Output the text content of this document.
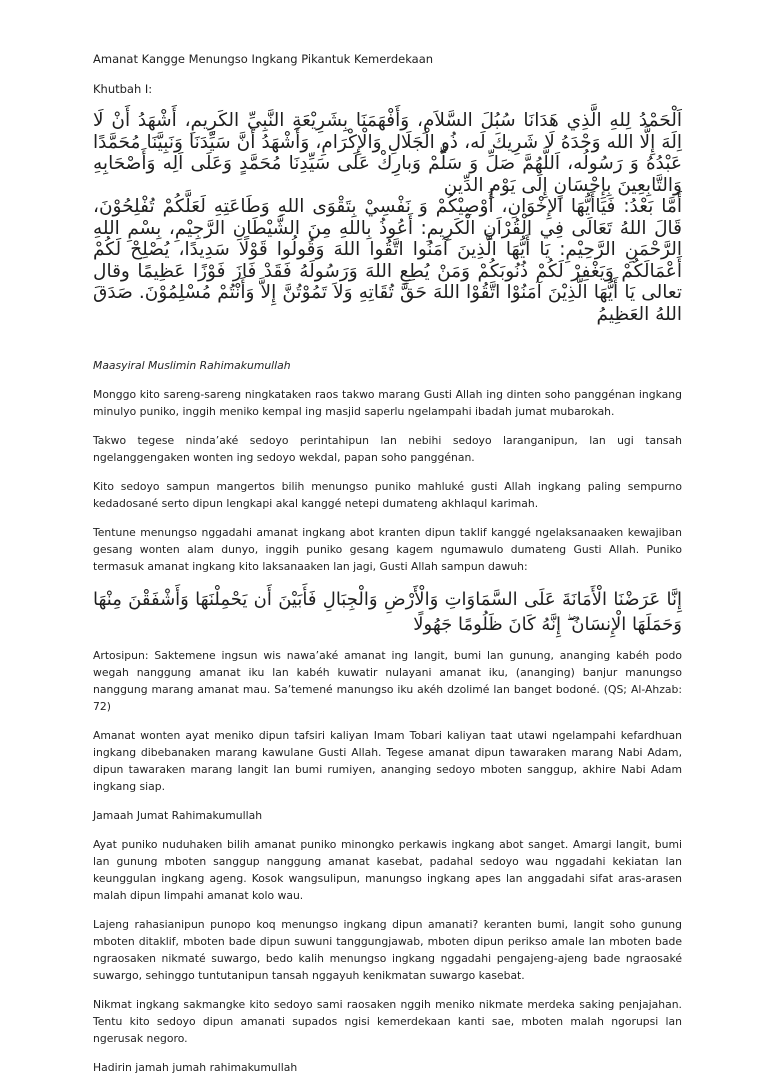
Amanat Kangge Menungso Ingkang Pikantuk Kemerdekaan
Khutbah I:

اَلْحَمْدُ لِلهِ الَّذِي هَدَانَا سُبُلَ السَّلاَمِ، وَأَفْهَمَنَا بِشَرِيْعَةِ النَّبِيِّ الكَرِيمِ، أَشْهَدُ أَنْ لَا اِلَهَ إِلَّا الله وَحْدَهُ لَا شَرِيكَ لَه، ذُو الْجَلَالِ وَالْإِكْرَامِ، وَأَشْهَدُ أَنَّ سَيِّدَنَا وَنَبِيَّنَا مُحَمَّدًا عَبْدُهُ وَ رَسُولُه، اَللَّهُمَّ صَلِّ وَ سَلِّمْ وَبارِكْ عَلَى سَيِّدِنَا مُحَمَّدٍ وَعَلَى اَلِه وَأَصْحَابِهِ وَالتَّابِعِينَ بِإِحْسَانٍ إِلَى يَوْمِ الدِّين

أَمَّا بَعْدُ: فَيَاأَيُّهَا الإِخْوَانِ، أُوْصِيْكُمْ وَ نَفْسِيْ بِتَقْوَى اللهِ وَطَاعَتِهِ لَعَلَّكُمْ تُفْلِحُوْنَ، قَالَ اللهُ تَعَالَى فِي الْقُرْاَنِ الْكَرِيمِ: أَعُوذُ بِاللهِ مِنَ الشَّيْطَانِ الرَّجِيْمِ، بِسْمِ اللهِ الرَّحْمَنِ الرَّحِيْمِ: يَا أَيُّهَا الَّذِينَ آمَنُوا اتَّقُوا اللهَ وَقُولُوا قَوْلًا سَدِيدًا، يُصْلِحْ لَكُمْ أَعْمَالَكُمْ وَيَغْفِرْ لَكُمْ ذُنُوبَكُمْ وَمَنْ يُطِعِ اللهَ وَرَسُولَهُ فَقَدْ فَازَ فَوْزًا عَظِيمًا وقال تعالى يَا أَيُّهَا الَّذِيْنَ آمَنُوْا اتَّقُوْا اللهَ حَقَّ تُقَاتِهِ وَلاَ تَمُوْتُنَّ إِلاَّ وَأَنْتُمْ مُسْلِمُوْنَ. صَدَقَ اللهُ العَظِيمُ

Maasyiral Muslimin Rahimakumullah

Monggo kito sareng-sareng ningkataken raos takwo marang Gusti Allah ing dinten soho panggénan ingkang minulyo puniko, inggih meniko kempal ing masjid saperlu ngelampahi ibadah jumat mubarokah.

Takwo tegese ninda’aké sedoyo perintahipun lan nebihi sedoyo laranganipun, lan ugi tansah ngelanggengaken wonten ing sedoyo wekdal, papan soho panggénan.

Kito sedoyo sampun mangertos bilih menungso puniko mahluké gusti Allah ingkang paling sempurno kedadosané serto dipun lengkapi akal kanggé netepi dumateng akhlaqul karimah.

Tentune menungso nggadahi amanat ingkang abot kranten dipun taklif kanggé ngelaksanaaken kewajiban gesang wonten alam dunyo, inggih puniko gesang kagem ngumawulo dumateng Gusti Allah. Puniko termasuk amanat ingkang kito laksanaaken lan jagi, Gusti Allah sampun dawuh:

إِنَّا عَرَضْنَا الْأَمَانَةَ عَلَى السَّمَاوَاتِ وَالْأَرْضِ وَالْجِبَالِ فَأَبَيْنَ أَن يَحْمِلْنَهَا وَأَشْفَقْنَ مِنْهَا وَحَمَلَهَا الْإِنسَانُ ۖ إِنَّهُ كَانَ ظَلُومًا جَهُولًا

Artosipun: Saktemene ingsun wis nawa’aké amanat ing langit, bumi lan gunung, ananging kabéh podo wegah nanggung amanat iku lan kabéh kuwatir nulayani amanat iku, (ananging) banjur manungso nanggung marang amanat mau. Sa’temené manungso iku akéh dzolimé lan banget bodoné. (QS; Al-Ahzab: 72)

Amanat wonten ayat meniko dipun tafsiri kaliyan Imam Tobari kaliyan taat utawi ngelampahi kefardhuan ingkang dibebanaken marang kawulane Gusti Allah. Tegese amanat dipun tawaraken marang Nabi Adam, dipun tawaraken marang langit lan bumi rumiyen, ananging sedoyo mboten sanggup, akhire Nabi Adam ingkang siap.

Jamaah Jumat Rahimakumullah

Ayat puniko nuduhaken bilih amanat puniko minongko perkawis ingkang abot sanget. Amargi langit, bumi lan gunung mboten sanggup nanggung amanat kasebat, padahal sedoyo wau nggadahi kekiatan lan keunggulan ingkang ageng. Kosok wangsulipun, manungso ingkang apes lan anggadahi sifat aras-arasen malah dipun limpahi amanat kolo wau.

Lajeng rahasianipun punopo koq menungso ingkang dipun amanati? keranten bumi, langit soho gunung mboten ditaklif, mboten bade dipun suwuni tanggungjawab, mboten dipun perikso amale lan mboten bade ngraosaken nikmaté suwargo, bedo kalih menungso ingkang nggadahi pengajeng-ajeng bade ngraosaké suwargo, sehinggo tuntutanipun tansah nggayuh kenikmatan suwargo kasebat.

Nikmat ingkang sakmangke kito sedoyo sami raosaken nggih meniko nikmate merdeka saking penjajahan. Tentu kito sedoyo dipun amanati supados ngisi kemerdekaan kanti sae, mboten malah ngorupsi lan ngerusak negoro.

Hadirin jamah jumah rahimakumullah
